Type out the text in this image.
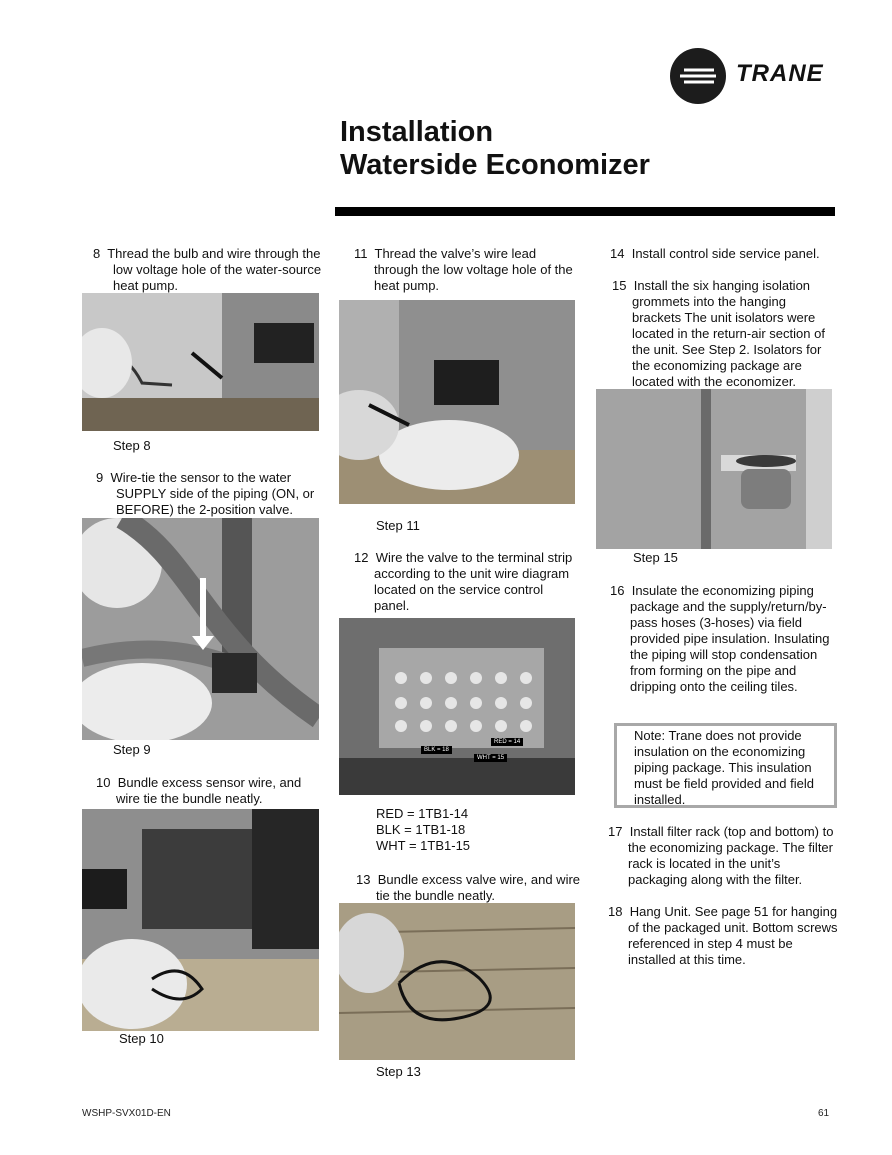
TRANE
Installation
Waterside Economizer
8 Thread the bulb and wire through the low voltage hole of the water-source heat pump.
Step 8
9 Wire-tie the sensor to the water SUPPLY side of the piping (ON, or BEFORE) the 2-position valve.
Step 9
10 Bundle excess sensor wire, and wire tie the bundle neatly.
Step 10
11 Thread the valve’s wire lead through the low voltage hole of the heat pump.
Step 11
12 Wire the valve to the terminal strip according to the unit wire diagram located on the service control panel.
BLK = 18
RED = 14
WHT = 15
RED = 1TB1-14
BLK = 1TB1-18
WHT = 1TB1-15
13 Bundle excess valve wire, and wire tie the bundle neatly.
Step 13
14 Install control side service panel.
15 Install the six hanging isolation grommets into the hanging brackets The unit isolators were located in the return-air section of the unit. See Step 2. Isolators for the economizing package are located with the economizer.
Step 15
16 Insulate the economizing piping package and the supply/return/by-pass hoses (3-hoses) via field provided pipe insulation. Insulating the piping will stop condensation from forming on the pipe and dripping onto the ceiling tiles.
Note: Trane does not provide insulation on the economizing piping package. This insulation must be field provided and field installed.
17 Install filter rack (top and bottom) to the economizing package. The filter rack is located in the unit’s packaging along with the filter.
18 Hang Unit. See page 51 for hanging of the packaged unit. Bottom screws referenced in step 4 must be installed at this time.
WSHP-SVX01D-EN	61
